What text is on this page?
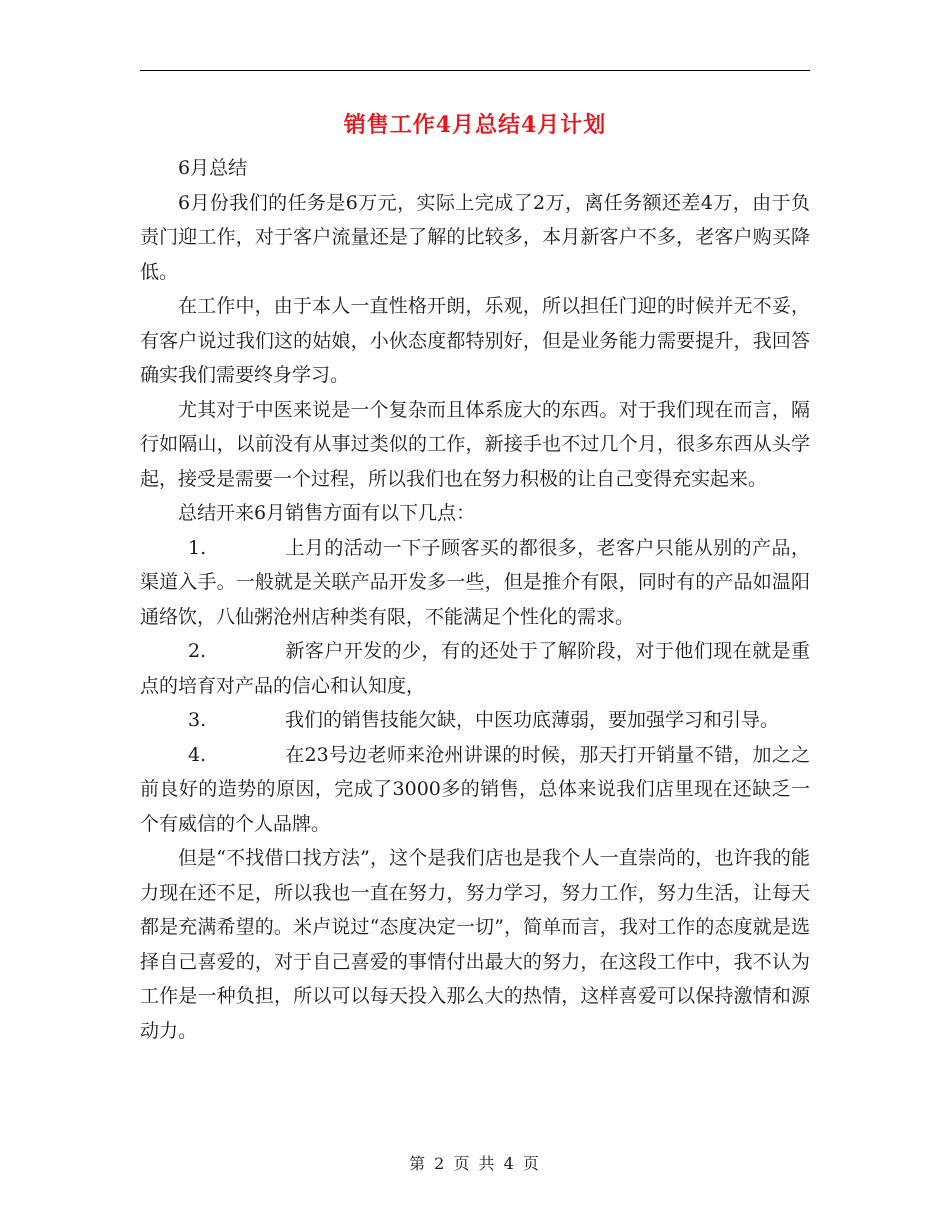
销售工作4月总结4月计划

6月总结

6月份我们的任务是6万元，实际上完成了2万，离任务额还差4万，由于负责门迎工作，对于客户流量还是了解的比较多，本月新客户不多，老客户购买降低。

在工作中，由于本人一直性格开朗，乐观，所以担任门迎的时候并无不妥，有客户说过我们这的姑娘，小伙态度都特别好，但是业务能力需要提升，我回答确实我们需要终身学习。

尤其对于中医来说是一个复杂而且体系庞大的东西。对于我们现在而言，隔行如隔山，以前没有从事过类似的工作，新接手也不过几个月，很多东西从头学起，接受是需要一个过程，所以我们也在努力积极的让自己变得充实起来。

总结开来6月销售方面有以下几点：

1.	上月的活动一下子顾客买的都很多，老客户只能从别的产品，渠道入手。一般就是关联产品开发多一些，但是推介有限，同时有的产品如温阳通络饮，八仙粥沧州店种类有限，不能满足个性化的需求。

2.	新客户开发的少，有的还处于了解阶段，对于他们现在就是重点的培育对产品的信心和认知度，

3.	我们的销售技能欠缺，中医功底薄弱，要加强学习和引导。

4.	在23号边老师来沧州讲课的时候，那天打开销量不错，加之之前良好的造势的原因，完成了3000多的销售，总体来说我们店里现在还缺乏一个有威信的个人品牌。

但是“不找借口找方法”，这个是我们店也是我个人一直崇尚的，也许我的能力现在还不足，所以我也一直在努力，努力学习，努力工作，努力生活，让每天都是充满希望的。米卢说过“态度决定一切”，简单而言，我对工作的态度就是选择自己喜爱的，对于自己喜爱的事情付出最大的努力，在这段工作中，我不认为工作是一种负担，所以可以每天投入那么大的热情，这样喜爱可以保持激情和源动力。

第 2 页 共 4 页
